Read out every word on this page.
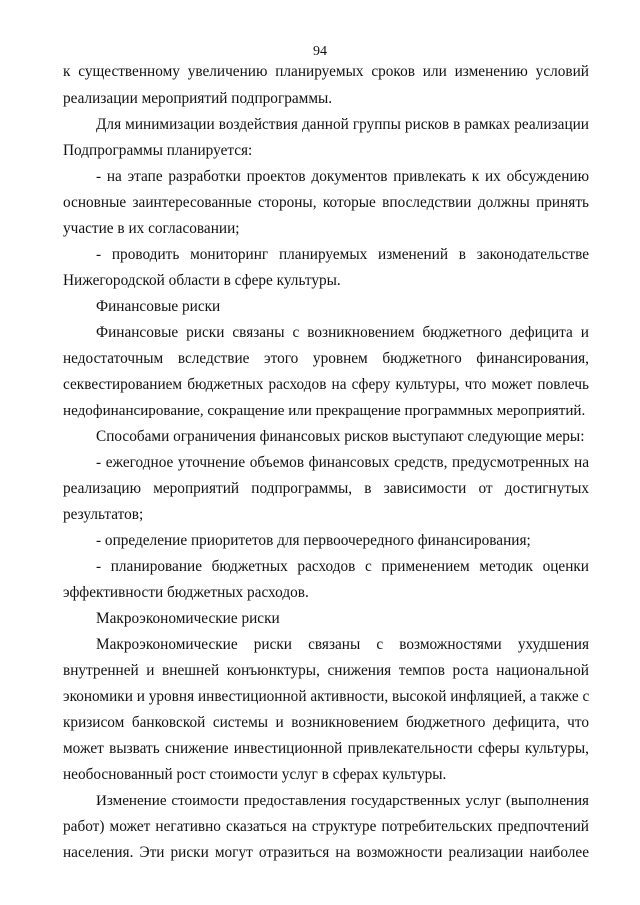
94
к существенному увеличению планируемых сроков или изменению условий
реализации мероприятий подпрограммы.
Для минимизации воздействия данной группы рисков в рамках реализации
Подпрограммы планируется:
- на этапе разработки проектов документов привлекать к их обсуждению
основные заинтересованные стороны, которые впоследствии должны принять
участие в их согласовании;
- проводить мониторинг планируемых изменений в законодательстве
Нижегородской области в сфере культуры.
Финансовые риски
Финансовые риски связаны с возникновением бюджетного дефицита и
недостаточным вследствие этого уровнем бюджетного финансирования,
секвестированием бюджетных расходов на сферу культуры, что может повлечь
недофинансирование, сокращение или прекращение программных мероприятий.
Способами ограничения финансовых рисков выступают следующие меры:
- ежегодное уточнение объемов финансовых средств, предусмотренных на
реализацию мероприятий подпрограммы, в зависимости от достигнутых
результатов;
- определение приоритетов для первоочередного финансирования;
- планирование бюджетных расходов с применением методик оценки
эффективности бюджетных расходов.
Макроэкономические риски
Макроэкономические риски связаны с возможностями ухудшения
внутренней и внешней конъюнктуры, снижения темпов роста национальной
экономики и уровня инвестиционной активности, высокой инфляцией, а также с
кризисом банковской системы и возникновением бюджетного дефицита, что
может вызвать снижение инвестиционной привлекательности сферы культуры,
необоснованный рост стоимости услуг в сферах культуры.
Изменение стоимости предоставления государственных услуг (выполнения
работ) может негативно сказаться на структуре потребительских предпочтений
населения. Эти риски могут отразиться на возможности реализации наиболее
